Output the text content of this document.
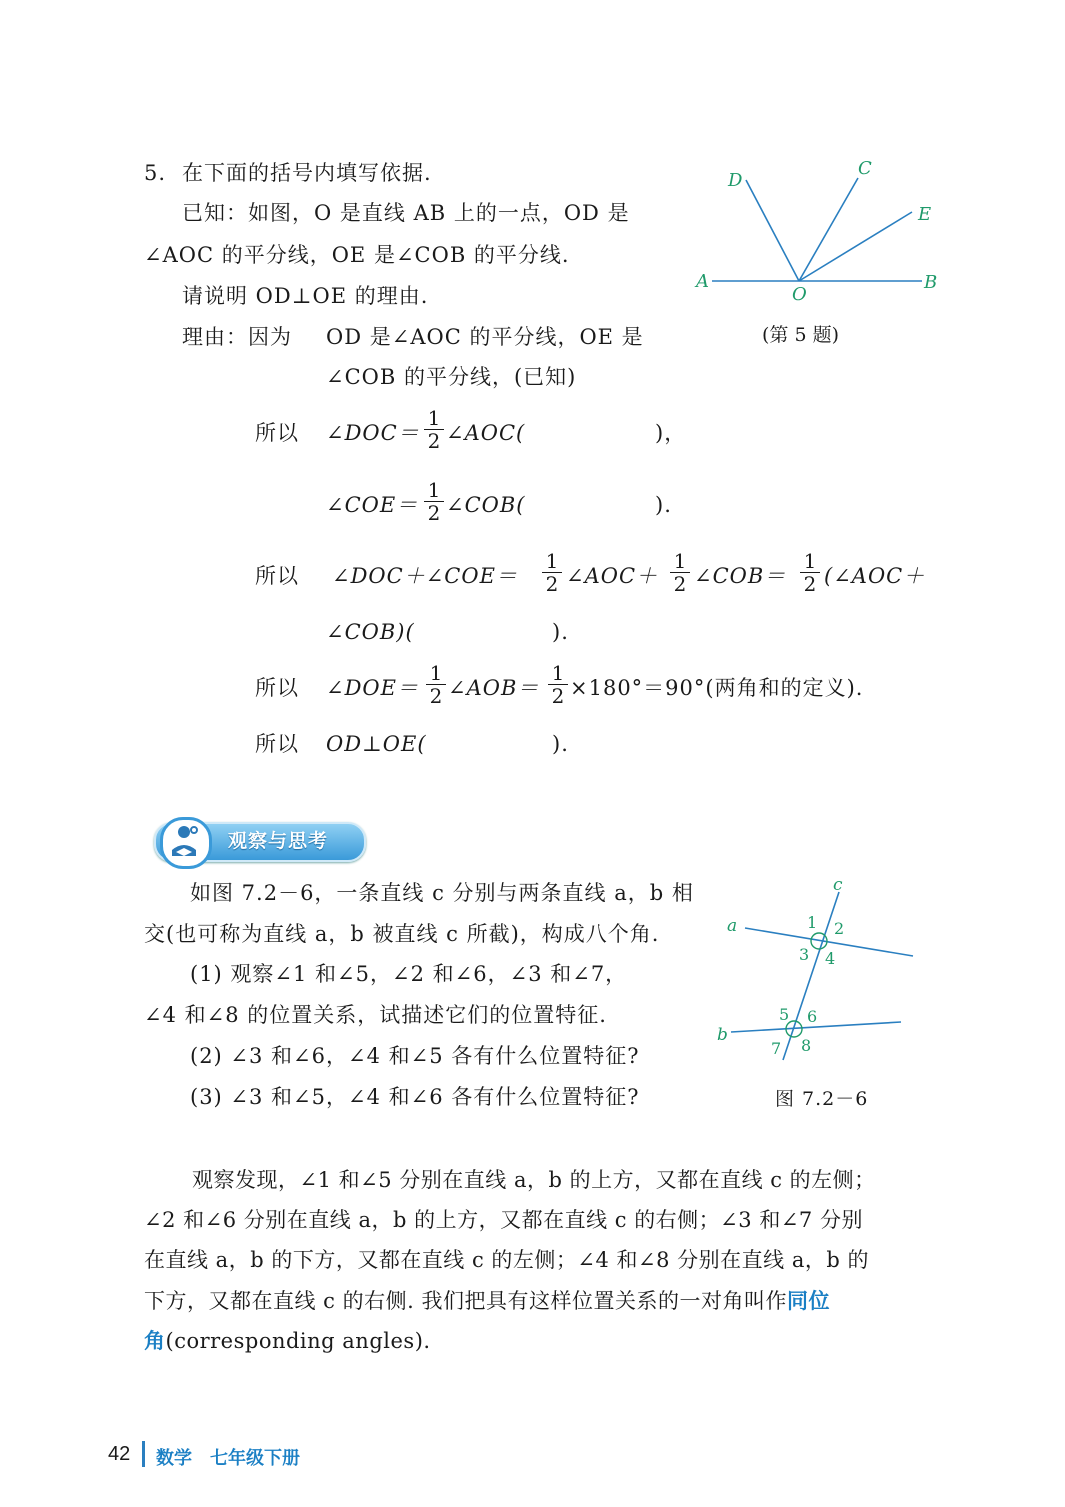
5. 在下面的括号内填写依据.
已知：如图，O 是直线 AB 上的一点，OD 是
∠AOC 的平分线，OE 是∠COB 的平分线.
请说明 OD⊥OE 的理由.
理由：因为 OD 是∠AOC 的平分线，OE 是
∠COB 的平分线，(已知)
所以 ∠DOC＝ $\frac{1}{2}$ ∠AOC(	)，
∠COE＝ $\frac{1}{2}$ ∠COB(	).
所以 ∠DOC＋∠COE＝ $\frac{1}{2}$ ∠AOC＋ $\frac{1}{2}$ ∠COB＝ $\frac{1}{2}$ (∠AOC＋
∠COB)(	).
所以 ∠DOE＝ $\frac{1}{2}$ ∠AOB＝ $\frac{1}{2} \times 180^\circ=90^\circ$(两角和的定义).
所以 OD⊥OE(	).
D
C
E
A
O
B
(第 5 题)
观察与思考
如图 7.2－6，一条直线 c 分别与两条直线 a，b 相
交(也可称为直线 a，b 被直线 c 所截)，构成八个角.
(1) 观察∠1 和∠5，∠2 和∠6，∠3 和∠7，
∠4 和∠8 的位置关系，试描述它们的位置特征.
(2) ∠3 和∠6，∠4 和∠5 各有什么位置特征?
(3) ∠3 和∠5，∠4 和∠6 各有什么位置特征?
c
a
b
1 2
3 4
5 6
7 8
图 7.2－6
观察发现，∠1 和∠5 分别在直线 a，b 的上方，又都在直线 c 的左侧；
∠2 和∠6 分别在直线 a，b 的上方，又都在直线 c 的右侧；∠3 和∠7 分别
在直线 a，b 的下方，又都在直线 c 的左侧；∠4 和∠8 分别在直线 a，b 的
下方，又都在直线 c 的右侧. 我们把具有这样位置关系的一对角叫作同位
角(corresponding angles).
42 数学　七年级下册
